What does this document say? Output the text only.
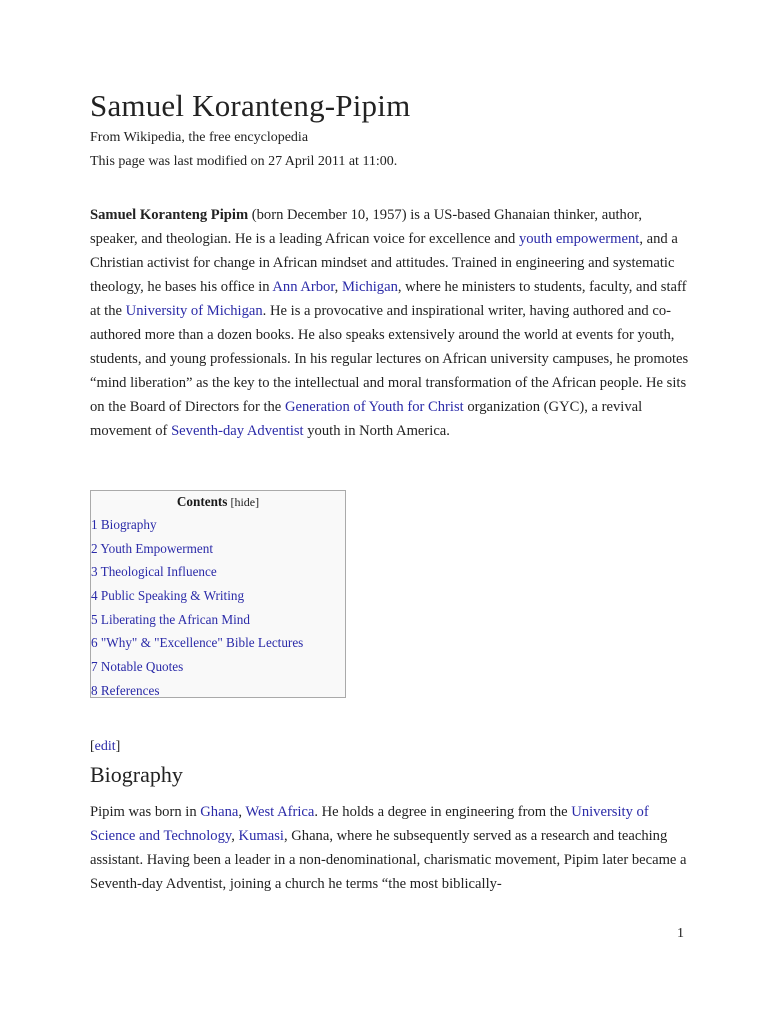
Samuel Koranteng-Pipim

From Wikipedia, the free encyclopedia

This page was last modified on 27 April 2011 at 11:00.

Samuel Koranteng Pipim (born December 10, 1957) is a US-based Ghanaian thinker, author, speaker, and theologian. He is a leading African voice for excellence and youth empowerment, and a Christian activist for change in African mindset and attitudes. Trained in engineering and systematic theology, he bases his office in Ann Arbor, Michigan, where he ministers to students, faculty, and staff at the University of Michigan. He is a provocative and inspirational writer, having authored and co-authored more than a dozen books. He also speaks extensively around the world at events for youth, students, and young professionals. In his regular lectures on African university campuses, he promotes “mind liberation” as the key to the intellectual and moral transformation of the African people. He sits on the Board of Directors for the Generation of Youth for Christ organization (GYC), a revival movement of Seventh-day Adventist youth in North America.

Contents [hide]
1 Biography
2 Youth Empowerment
3 Theological Influence
4 Public Speaking & Writing
5 Liberating the African Mind
6 "Why" & "Excellence" Bible Lectures
7 Notable Quotes
8 References
[edit]
Biography

Pipim was born in Ghana, West Africa. He holds a degree in engineering from the University of Science and Technology, Kumasi, Ghana, where he subsequently served as a research and teaching assistant. Having been a leader in a non-denominational, charismatic movement, Pipim later became a Seventh-day Adventist, joining a church he terms “the most biblically-

1
